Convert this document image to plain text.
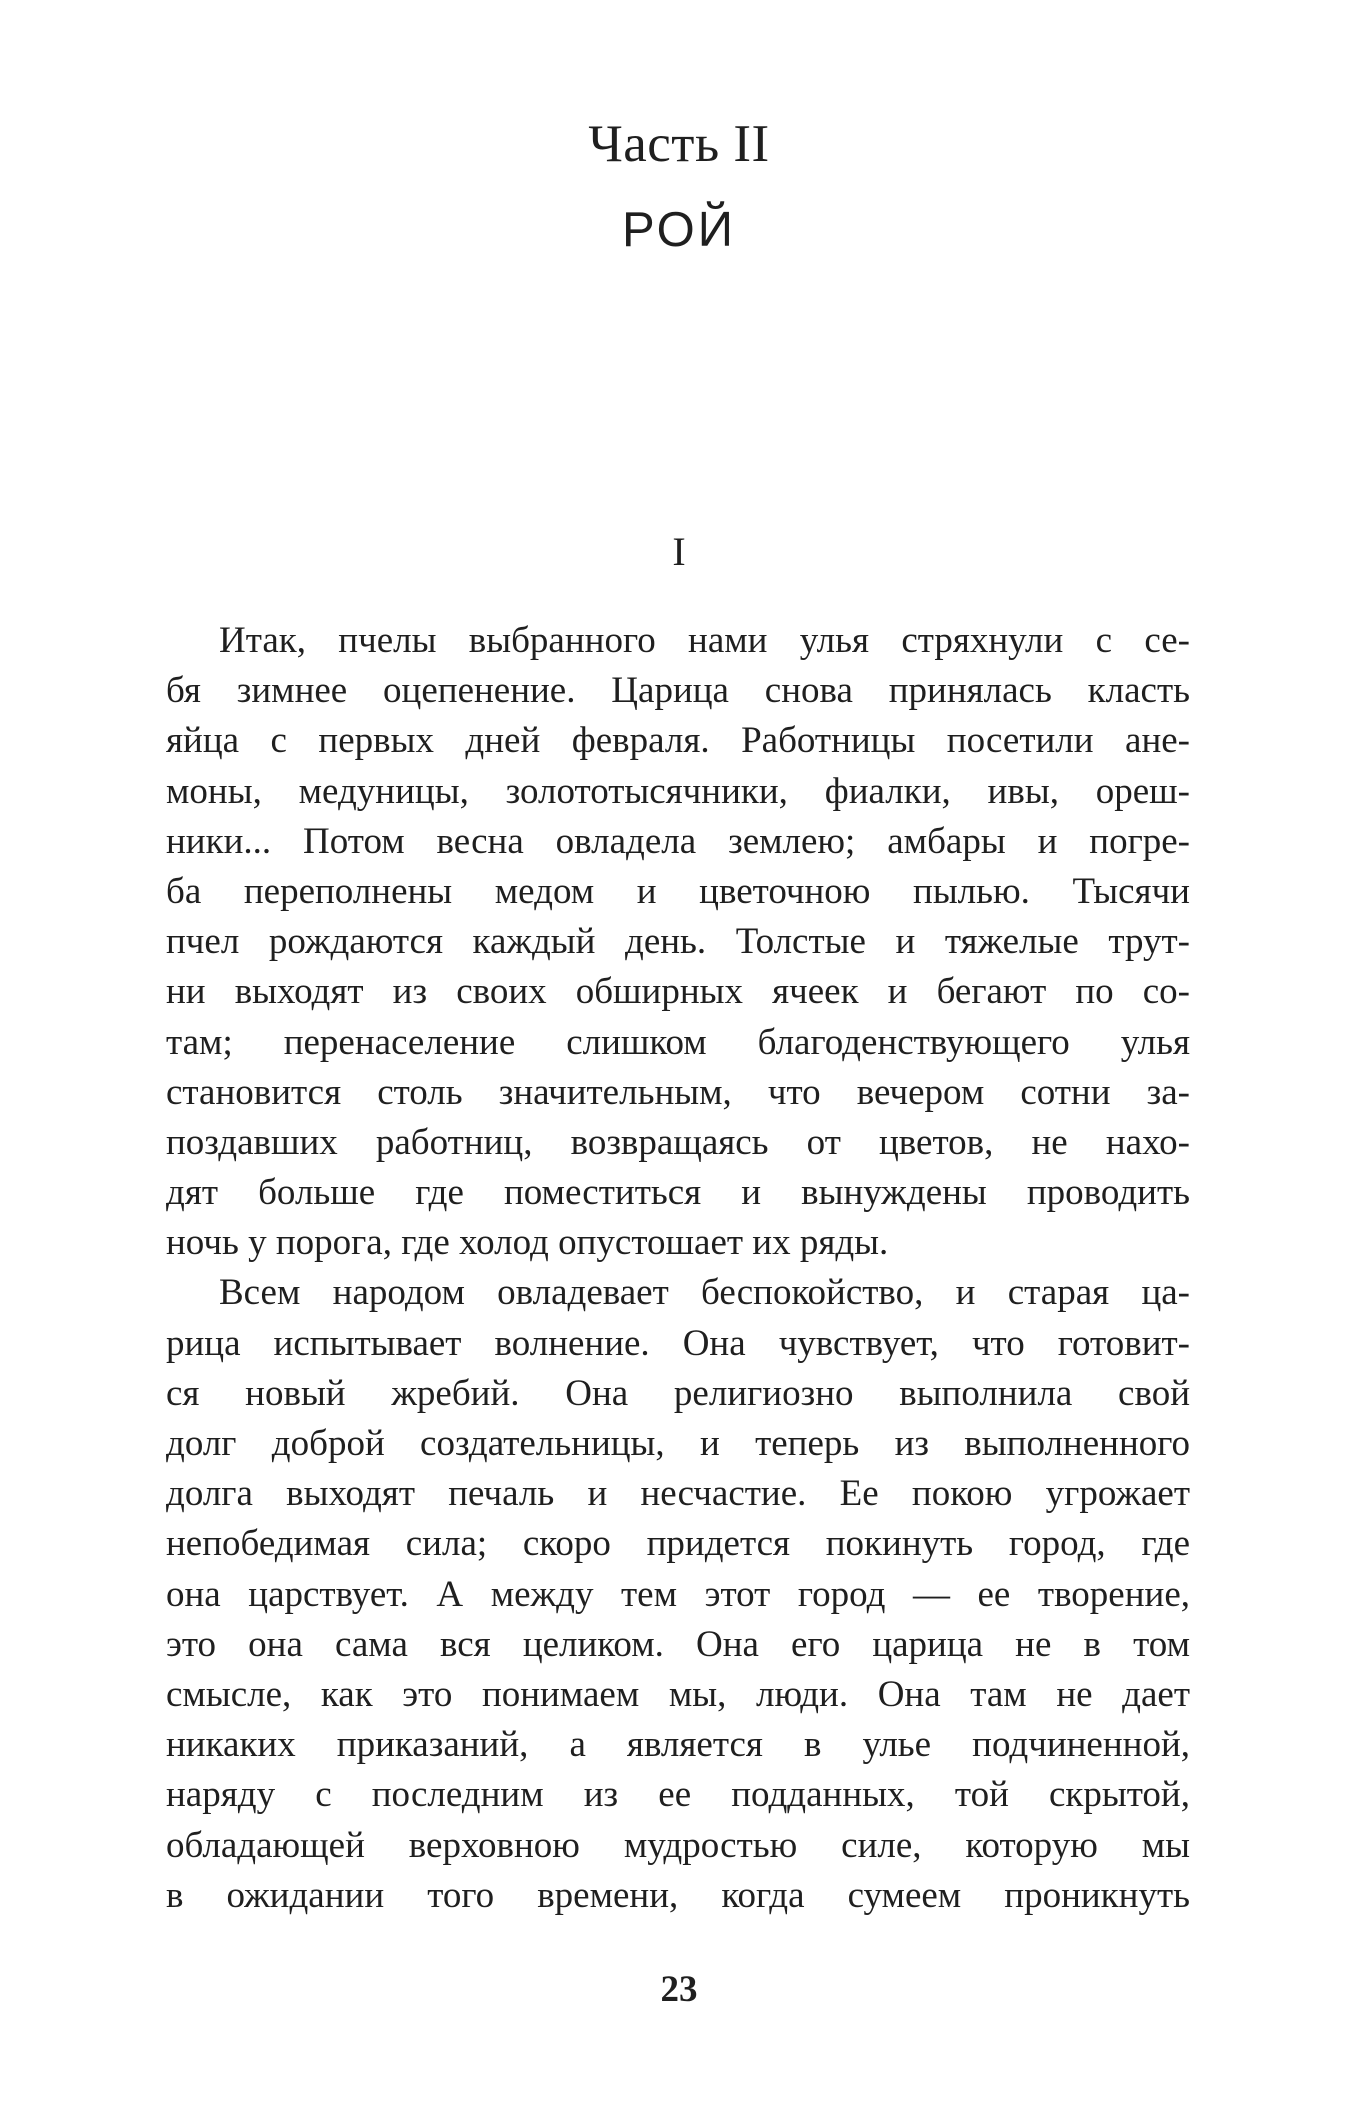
Часть II
РОЙ
I
Итак, пчелы выбранного нами улья стряхнули с се-
бя зимнее оцепенение. Царица снова принялась класть
яйца с первых дней февраля. Работницы посетили ане-
моны, медуницы, золототысячники, фиалки, ивы, ореш-
ники... Потом весна овладела землею; амбары и погре-
ба переполнены медом и цветочною пылью. Тысячи
пчел рождаются каждый день. Толстые и тяжелые трут-
ни выходят из своих обширных ячеек и бегают по со-
там; перенаселение слишком благоденствующего улья
становится столь значительным, что вечером сотни за-
поздавших работниц, возвращаясь от цветов, не нахо-
дят больше где поместиться и вынуждены проводить
ночь у порога, где холод опустошает их ряды.
Всем народом овладевает беспокойство, и старая ца-
рица испытывает волнение. Она чувствует, что готовит-
ся новый жребий. Она религиозно выполнила свой
долг доброй создательницы, и теперь из выполненного
долга выходят печаль и несчастие. Ее покою угрожает
непобедимая сила; скоро придется покинуть город, где
она царствует. А между тем этот город — ее творение,
это она сама вся целиком. Она его царица не в том
смысле, как это понимаем мы, люди. Она там не дает
никаких приказаний, а является в улье подчиненной,
наряду с последним из ее подданных, той скрытой,
обладающей верховною мудростью силе, которую мы
в ожидании того времени, когда сумеем проникнуть
23
